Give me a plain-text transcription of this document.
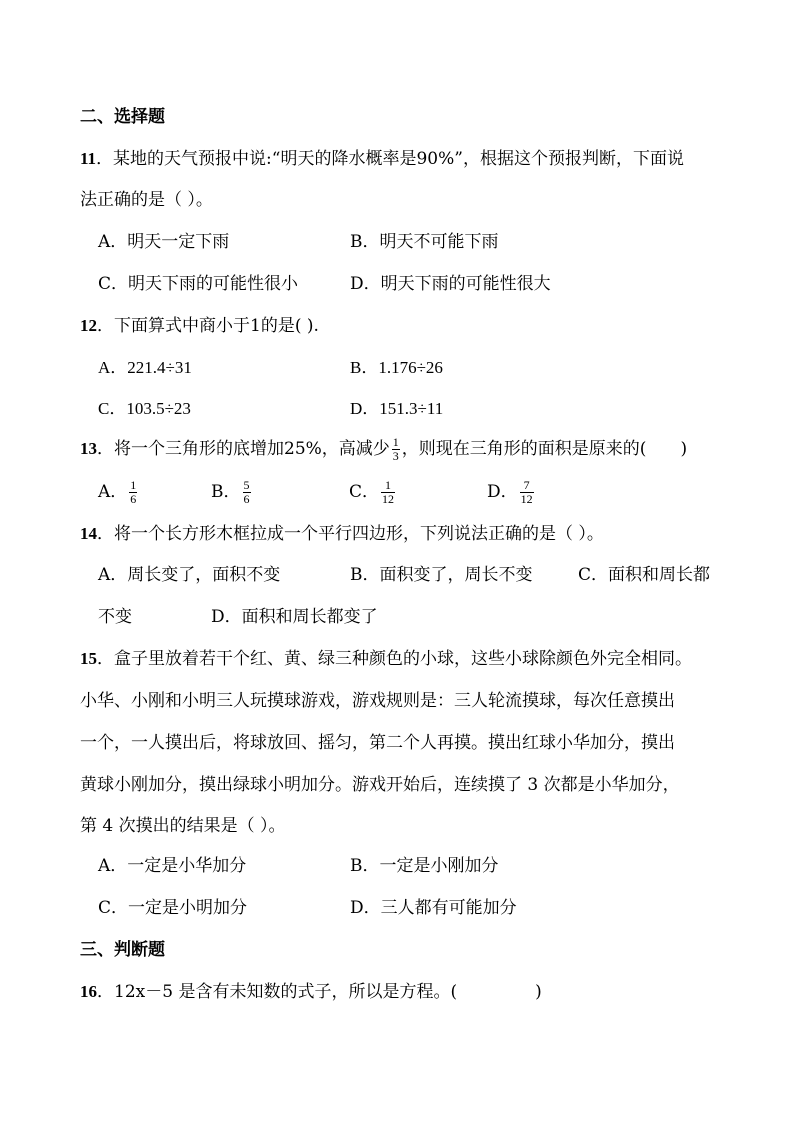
二、选择题
11．某地的天气预报中说:“明天的降水概率是90%”，根据这个预报判断，下面说
法正确的是（ ）。
A．明天一定下雨	B．明天不可能下雨
C．明天下雨的可能性很小	D．明天下雨的可能性很大
12．下面算式中商小于1的是( ).
A．221.4÷31	B．1.176÷26
C．103.5÷23	D．151.3÷11
13．将一个三角形的底增加25%，高减少 $\frac{1}{3}$ ，则现在三角形的面积是原来的( )
A． $\frac{1}{6}$	B． $\frac{5}{6}$	C． $\frac{1}{12}$	D． $\frac{7}{12}$
14．将一个长方形木框拉成一个平行四边形，下列说法正确的是（ ）。
A．周长变了，面积不变	B．面积变了，周长不变	C．面积和周长都
不变	D．面积和周长都变了
15．盒子里放着若干个红、黄、绿三种颜色的小球，这些小球除颜色外完全相同。
小华、小刚和小明三人玩摸球游戏，游戏规则是：三人轮流摸球，每次任意摸出
一个，一人摸出后，将球放回、摇匀，第二个人再摸。摸出红球小华加分，摸出
黄球小刚加分，摸出绿球小明加分。游戏开始后，连续摸了 3 次都是小华加分，
第 4 次摸出的结果是（ ）。
A．一定是小华加分	B．一定是小刚加分
C．一定是小明加分	D．三人都有可能加分
三、判断题
16．12x－5 是含有未知数的式子，所以是方程。(	)
